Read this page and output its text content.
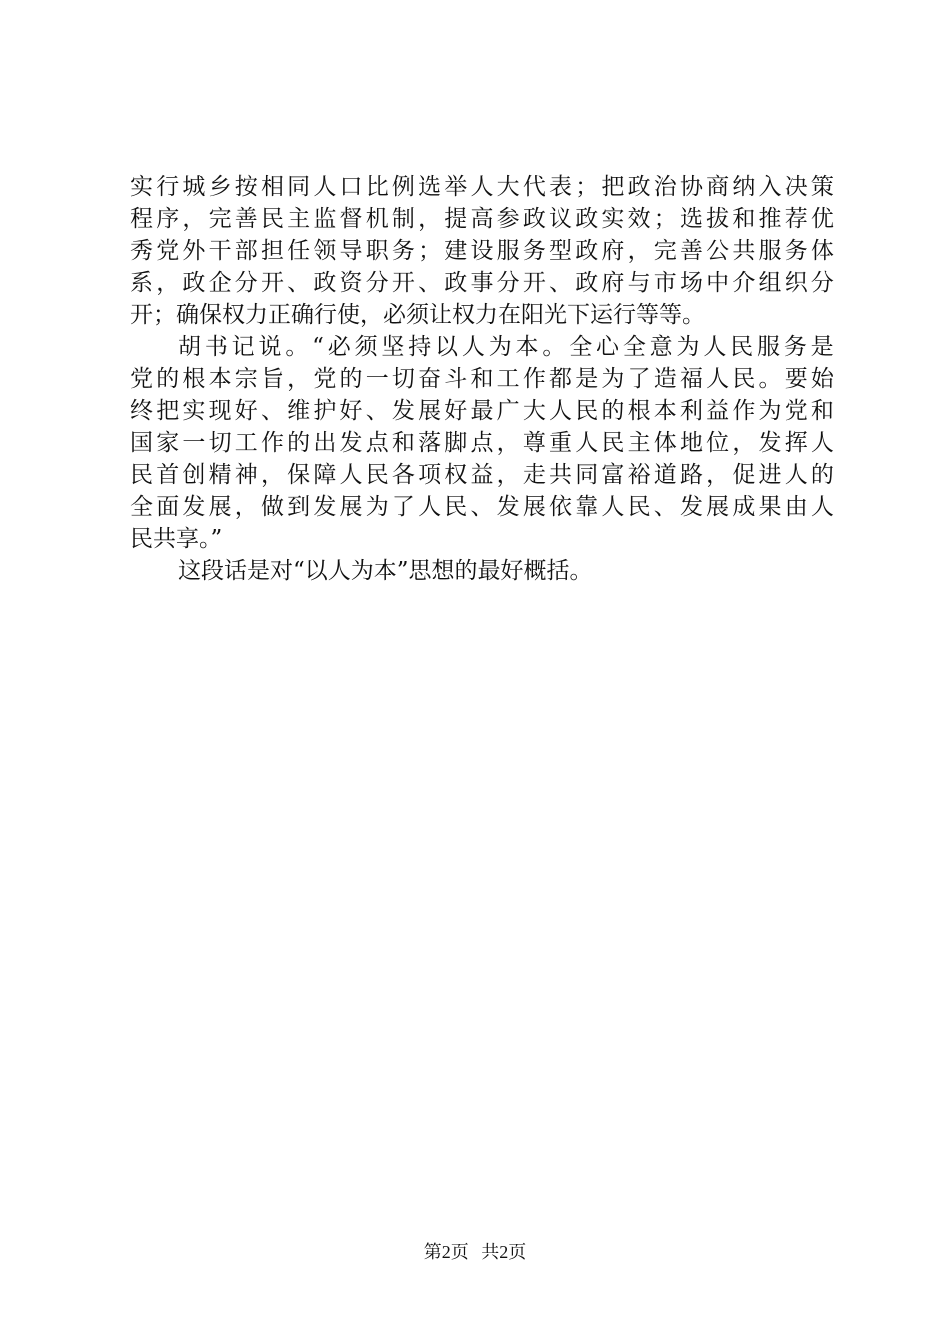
实 行 城 乡 按 相 同 人 口 比 例 选 举 人 大 代 表 ； 把 政 治 协 商 纳 入 决 策
程 序 ， 完 善 民 主 监 督 机 制 ， 提 高 参 政 议 政 实 效 ； 选 拔 和 推 荐 优
秀 党 外 干 部 担 任 领 导 职 务 ； 建 设 服 务 型 政 府 ， 完 善 公 共 服 务 体
系 ， 政 企 分 开 、 政 资 分 开 、 政 事 分 开 、 政 府 与 市 场 中 介 组 织 分
开；确保权力正确行使，必须让权力在阳光下运行等等。
胡 书 记 说 。 “ 必 须 坚 持 以 人 为 本 。 全 心 全 意 为 人 民 服 务 是
党 的 根 本 宗 旨 ， 党 的 一 切 奋 斗 和 工 作 都 是 为 了 造 福 人 民 。 要 始
终 把 实 现 好 、 维 护 好 、 发 展 好 最 广 大 人 民 的 根 本 利 益 作 为 党 和
国 家 一 切 工 作 的 出 发 点 和 落 脚 点 ， 尊 重 人 民 主 体 地 位 ， 发 挥 人
民 首 创 精 神 ， 保 障 人 民 各 项 权 益 ， 走 共 同 富 裕 道 路 ， 促 进 人 的
全 面 发 展 ， 做 到 发 展 为 了 人 民 、 发 展 依 靠 人 民 、 发 展 成 果 由 人
民共享。”
这段话是对“以人为本”思想的最好概括。
第2页 共2页
